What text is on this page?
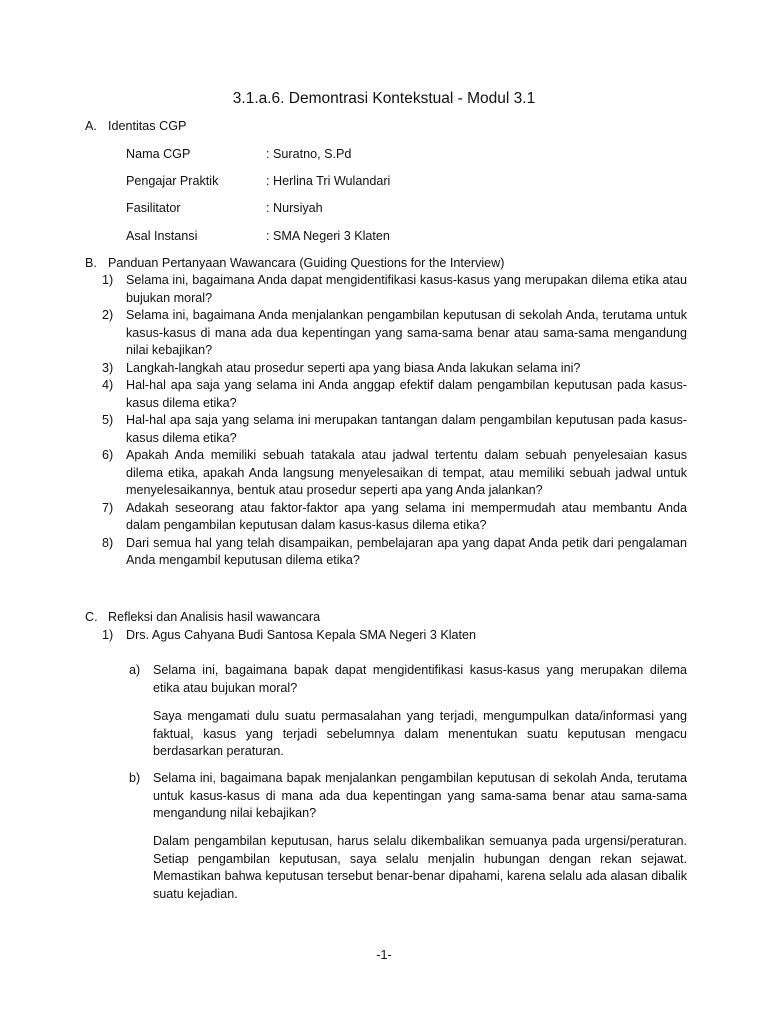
3.1.a.6. Demontrasi Kontekstual - Modul 3.1
A. Identitas CGP
Nama CGP	: Suratno, S.Pd
Pengajar Praktik	: Herlina Tri Wulandari
Fasilitator	: Nursiyah
Asal Instansi	: SMA Negeri 3 Klaten
B. Panduan Pertanyaan Wawancara (Guiding Questions for the Interview)
1) Selama ini, bagaimana Anda dapat mengidentifikasi kasus-kasus yang merupakan dilema etika atau bujukan moral?
2) Selama ini, bagaimana Anda menjalankan pengambilan keputusan di sekolah Anda, terutama untuk kasus-kasus di mana ada dua kepentingan yang sama-sama benar atau sama-sama mengandung nilai kebajikan?
3) Langkah-langkah atau prosedur seperti apa yang biasa Anda lakukan selama ini?
4) Hal-hal apa saja yang selama ini Anda anggap efektif dalam pengambilan keputusan pada kasus-kasus dilema etika?
5) Hal-hal apa saja yang selama ini merupakan tantangan dalam pengambilan keputusan pada kasus-kasus dilema etika?
6) Apakah Anda memiliki sebuah tatakala atau jadwal tertentu dalam sebuah penyelesaian kasus dilema etika, apakah Anda langsung menyelesaikan di tempat, atau memiliki sebuah jadwal untuk menyelesaikannya, bentuk atau prosedur seperti apa yang Anda jalankan?
7) Adakah seseorang atau faktor-faktor apa yang selama ini mempermudah atau membantu Anda dalam pengambilan keputusan dalam kasus-kasus dilema etika?
8) Dari semua hal yang telah disampaikan, pembelajaran apa yang dapat Anda petik dari pengalaman Anda mengambil keputusan dilema etika?
C. Refleksi dan Analisis hasil wawancara
1) Drs. Agus Cahyana Budi Santosa Kepala SMA Negeri 3 Klaten
a) Selama ini, bagaimana bapak dapat mengidentifikasi kasus-kasus yang merupakan dilema etika atau bujukan moral?
Saya mengamati dulu suatu permasalahan yang terjadi, mengumpulkan data/informasi yang faktual, kasus yang terjadi sebelumnya dalam menentukan suatu keputusan mengacu berdasarkan peraturan.
b) Selama ini, bagaimana bapak menjalankan pengambilan keputusan di sekolah Anda, terutama untuk kasus-kasus di mana ada dua kepentingan yang sama-sama benar atau sama-sama mengandung nilai kebajikan?
Dalam pengambilan keputusan, harus selalu dikembalikan semuanya pada urgensi/peraturan. Setiap pengambilan keputusan, saya selalu menjalin hubungan dengan rekan sejawat. Memastikan bahwa keputusan tersebut benar-benar dipahami, karena selalu ada alasan dibalik suatu kejadian.
-1-
